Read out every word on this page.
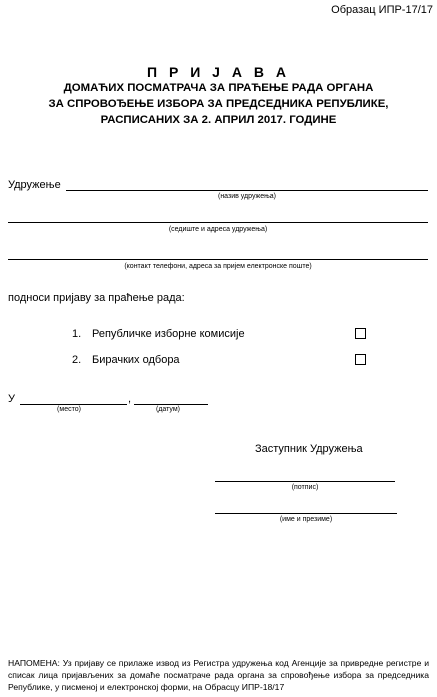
Образац ИПР-17/17
П Р И Ј А В А
ДОМАЋИХ ПОСМАТРАЧА ЗА ПРАЋЕЊЕ РАДА ОРГАНА
ЗА СПРОВОЂЕЊЕ ИЗБОРА ЗА ПРЕДСЕДНИКА РЕПУБЛИКЕ,
РАСПИСАНИХ ЗА 2. АПРИЛ 2017. ГОДИНЕ
Удружење
(назив удружења)
(седиште и адреса удружења)
(контакт телефони, адреса за пријем електронске поште)
подноси пријаву за праћење рада:
1. Републичке изборне комисије
2. Бирачких одбора
У	,
(место)	(датум)
Заступник Удружења
(потпис)
(име и презиме)
НАПОМЕНА: Уз пријаву се прилаже извод из Регистра удружења код Агенције за привредне регистре и списак лица пријављених за домаће посматраче рада органа за спровођење избора за председника Републике, у писменој и електронској форми, на Обрасцу ИПР-18/17
